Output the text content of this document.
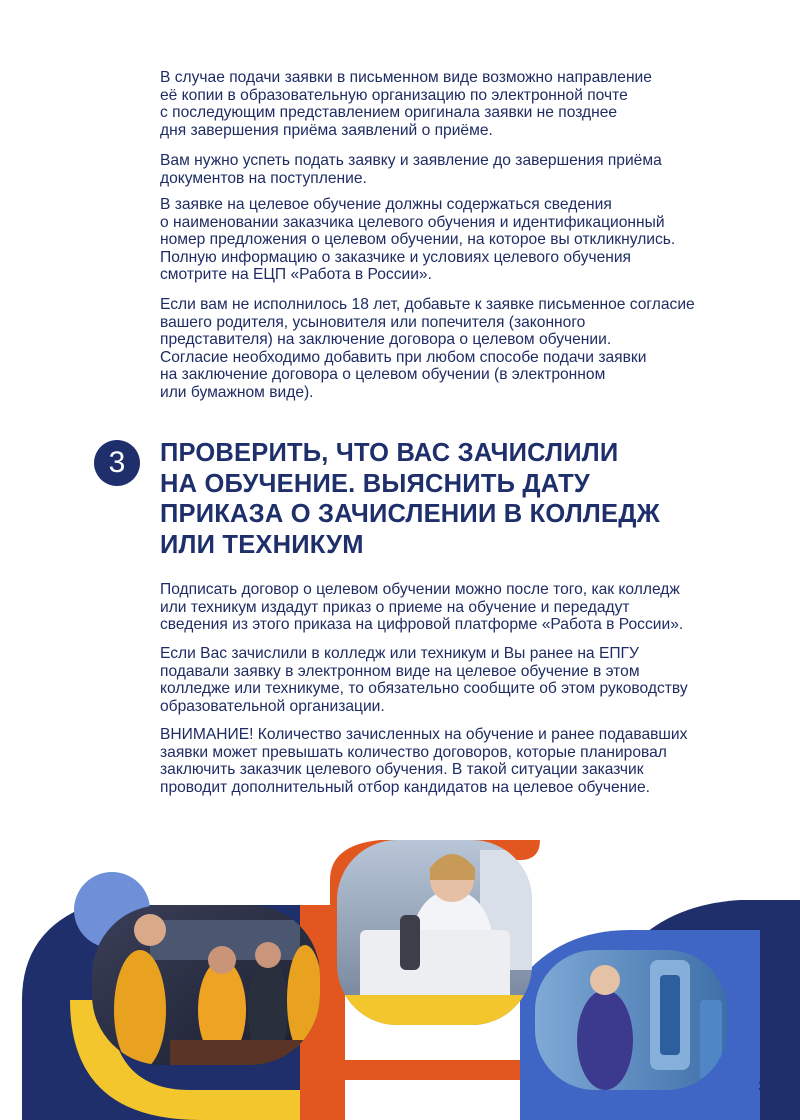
В случае подачи заявки в письменном виде возможно направление
её копии в образовательную организацию по электронной почте
с последующим представлением оригинала заявки не позднее
дня завершения приёма заявлений о приёме.

Вам нужно успеть подать заявку и заявление до завершения приёма
документов на поступление.

В заявке на целевое обучение должны содержаться сведения
о наименовании заказчика целевого обучения и идентификационный
номер предложения о целевом обучении, на которое вы откликнулись.
Полную информацию о заказчике и условиях целевого обучения
смотрите на ЕЦП «Работа в России».

Если вам не исполнилось 18 лет, добавьте к заявке письменное согласие
вашего родителя, усыновителя или попечителя (законного
представителя) на заключение договора о целевом обучении.
Согласие необходимо добавить при любом способе подачи заявки
на заключение договора о целевом обучении (в электронном
или бумажном виде).

3	ПРОВЕРИТЬ, ЧТО ВАС ЗАЧИСЛИЛИ
НА ОБУЧЕНИЕ. ВЫЯСНИТЬ ДАТУ
ПРИКАЗА О ЗАЧИСЛЕНИИ В КОЛЛЕДЖ
ИЛИ ТЕХНИКУМ

Подписать договор о целевом обучении можно после того, как колледж
или техникум издадут приказ о приеме на обучение и передадут
сведения из этого приказа на цифровой платформе «Работа в России».

Если Вас зачислили в колледж или техникум и Вы ранее на ЕПГУ
подавали заявку в электронном виде на целевое обучение в этом
колледже или техникуме, то обязательно сообщите об этом руководству
образовательной организации.

ВНИМАНИЕ! Количество зачисленных на обучение и ранее подававших
заявки может превышать количество договоров, которые планировал
заключить заказчик целевого обучения. В такой ситуации заказчик
проводит дополнительный отбор кандидатов на целевое обучение.

3
